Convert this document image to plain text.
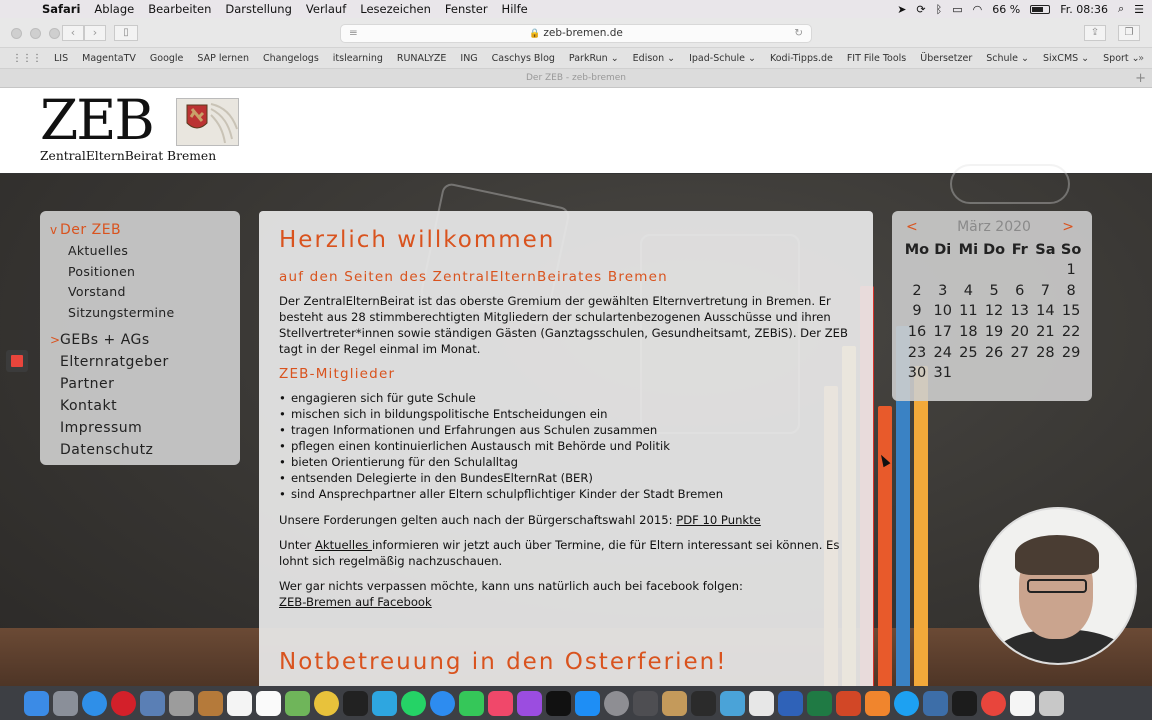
Safari Ablage Bearbeiten Darstellung Verlauf Lesezeichen Fenster Hilfe	➤ ⟳ ᛒ ▭ ◠ 66 %	Fr. 08:36 ⌕ ☰
‹	›	▯	≡	🔒 zeb-bremen.de	↻	⇪	❐
⋮⋮⋮ LIS MagentaTV Google SAP lernen Changelogs itslearning RUNALYZE ING Caschys Blog ParkRun ⌄ Edison ⌄ Ipad-Schule ⌄ Kodi-Tipps.de FIT File Tools Übersetzer Schule ⌄ SixCMS ⌄ Sport ⌄
»
Der ZEB - zeb-bremen	+
ZEB
ZentralElternBeirat Bremen
v Der ZEB
Aktuelles
Positionen
Vorstand
Sitzungstermine
> GEBs + AGs
Elternratgeber
Partner
Kontakt
Impressum
Datenschutz
Herzlich willkommen
auf den Seiten des ZentralElternBeirates Bremen

Der ZentralElternBeirat ist das oberste Gremium der gewählten Elternvertretung in Bremen. Er besteht aus 28 stimmberechtigten Mitgliedern der schulartenbezogenen Ausschüsse und ihren Stellvertreter*innen sowie ständigen Gästen (Ganztagsschulen, Gesundheitsamt, ZEBiS). Der ZEB tagt in der Regel einmal im Monat.

ZEB-Mitglieder
• engagieren sich für gute Schule
• mischen sich in bildungspolitische Entscheidungen ein
• tragen Informationen und Erfahrungen aus Schulen zusammen
• pflegen einen kontinuierlichen Austausch mit Behörde und Politik
• bieten Orientierung für den Schulalltag
• entsenden Delegierte in den BundesElternRat (BER)
• sind Ansprechpartner aller Eltern schulpflichtiger Kinder der Stadt Bremen

Unsere Forderungen gelten auch nach der Bürgerschaftswahl 2015: PDF 10 Punkte

Unter Aktuelles informieren wir jetzt auch über Termine, die für Eltern interessant sei können. Es lohnt sich regelmäßig nachzuschauen.

Wer gar nichts verpassen möchte, kann uns natürlich auch bei facebook folgen:
ZEB-Bremen auf Facebook

Notbetreuung in den Osterferien!
<	März 2020 >
Mo	Di	Mi	Do	Fr	Sa	So
						1
2	3	4	5	6	7	8
9	10	11	12	13	14	15
16	17	18	19	20	21	22
23	24	25	26	27	28	29
30	31					
